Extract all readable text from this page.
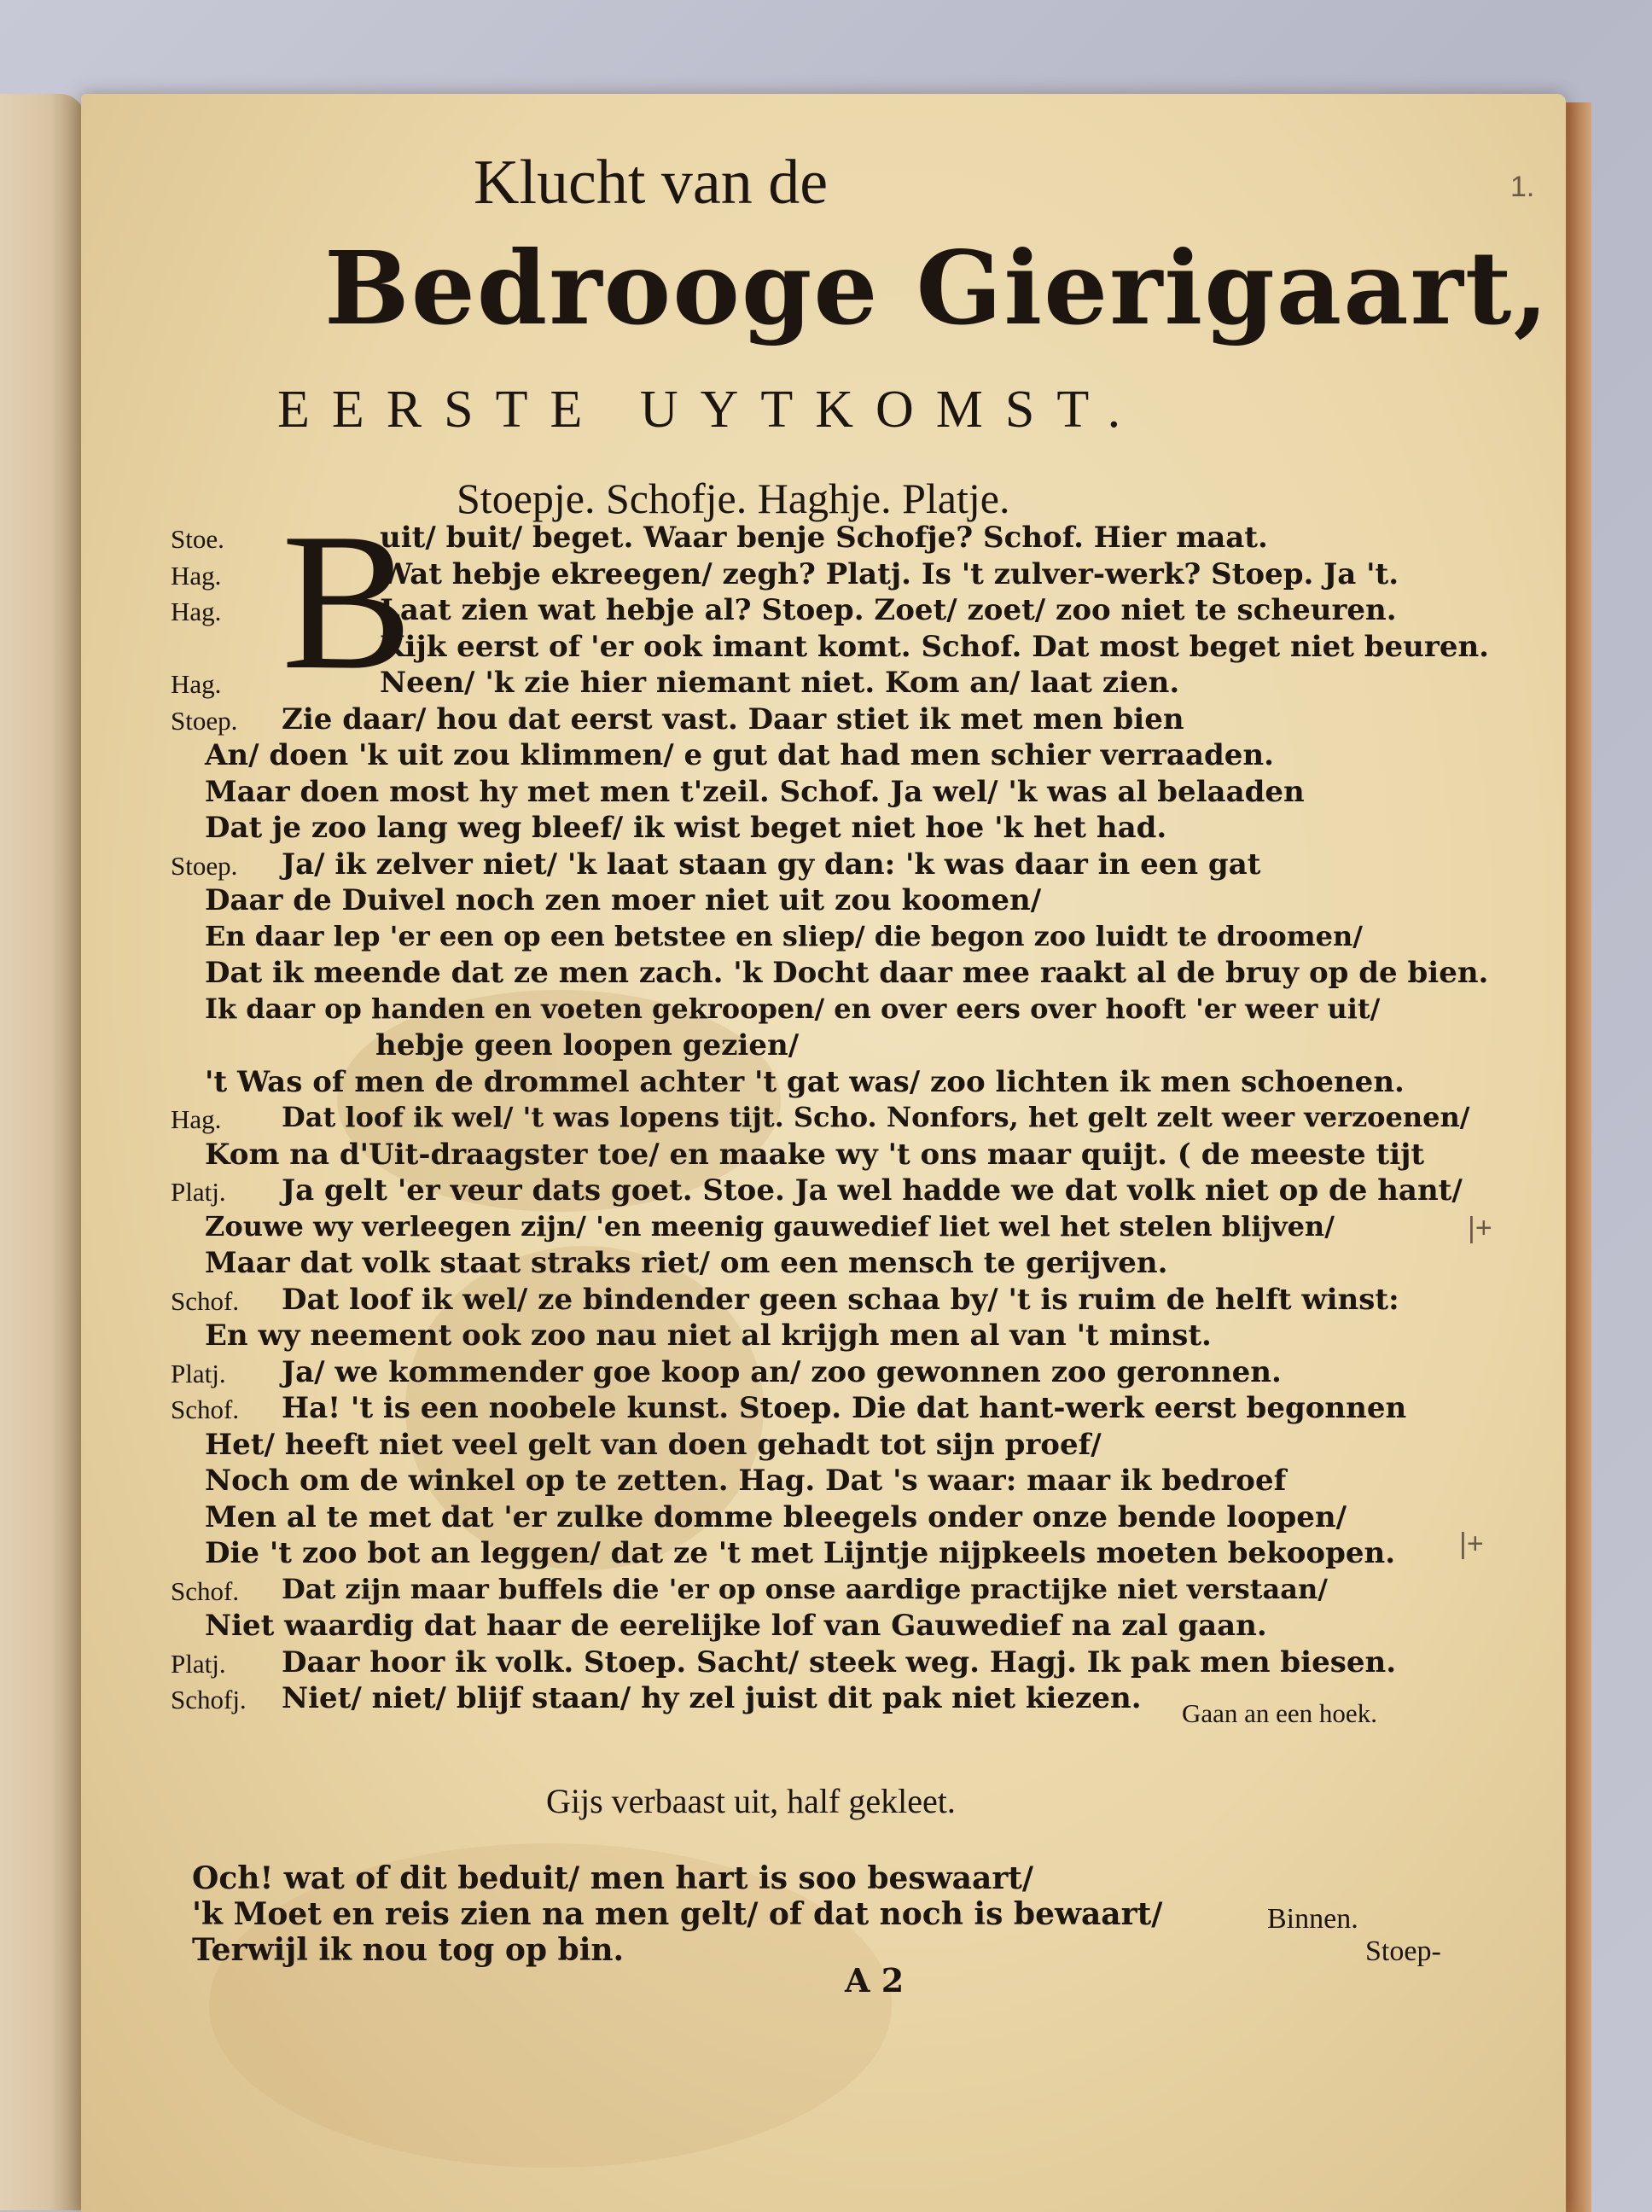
Klucht van de
Bedrooge Gierigaart,
EERSTE UYTKOMST.
Stoepje. Schofje. Haghje. Platje.
B
Stoe.	uit/ buit/ beget. Waar benje Schofje? Schof. Hier maat.
Hag.	Wat hebje ekreegen/ zegh? Platj. Is 't zulver-werk? Stoep. Ja 't.
Hag.	Laat zien wat hebje al? Stoep. Zoet/ zoet/ zoo niet te scheuren.
Kijk eerst of 'er ook imant komt. Schof. Dat most beget niet beuren.
Hag.	Neen/ 'k zie hier niemant niet. Kom an/ laat zien.
Stoep. Zie daar/ hou dat eerst vast. Daar stiet ik met men bien
An/ doen 'k uit zou klimmen/ e gut dat had men schier verraaden.
Maar doen most hy met men t'zeil. Schof. Ja wel/ 'k was al belaaden
Dat je zoo lang weg bleef/ ik wist beget niet hoe 'k het had.
Stoep. Ja/ ik zelver niet/ 'k laat staan gy dan: 'k was daar in een gat
Daar de Duivel noch zen moer niet uit zou koomen/
En daar lep 'er een op een betstee en sliep/ die begon zoo luidt te droomen/
Dat ik meende dat ze men zach. 'k Docht daar mee raakt al de bruy op de bien.
Ik daar op handen en voeten gekroopen/ en over eers over hooft 'er weer uit/
hebje geen loopen gezien/
't Was of men de drommel achter 't gat was/ zoo lichten ik men schoenen.
Hag. Dat loof ik wel/ 't was lopens tijt. Scho. Nonfors, het gelt zelt weer verzoenen/
Kom na d'Uit-draagster toe/ en maake wy 't ons maar quijt. ( de meeste tijt
Platj. Ja gelt 'er veur dats goet. Stoe. Ja wel hadde we dat volk niet op de hant/
Zouwe wy verleegen zijn/ 'en meenig gauwedief liet wel het stelen blijven/
Maar dat volk staat straks riet/ om een mensch te gerijven.
Schof. Dat loof ik wel/ ze bindender geen schaa by/ 't is ruim de helft winst:
En wy neement ook zoo nau niet al krijgh men al van 't minst.
Platj. Ja/ we kommender goe koop an/ zoo gewonnen zoo geronnen.
Schof. Ha! 't is een noobele kunst. Stoep. Die dat hant-werk eerst begonnen
Het/ heeft niet veel gelt van doen gehadt tot sijn proef/
Noch om de winkel op te zetten. Hag. Dat 's waar: maar ik bedroef
Men al te met dat 'er zulke domme bleegels onder onze bende loopen/
Die 't zoo bot an leggen/ dat ze 't met Lijntje nijpkeels moeten bekoopen.
Schof. Dat zijn maar buffels die 'er op onse aardige practijke niet verstaan/
Niet waardig dat haar de eerelijke lof van Gauwedief na zal gaan.
Platj. Daar hoor ik volk. Stoep. Sacht/ steek weg. Hagj. Ik pak men biesen.
Schofj. Niet/ niet/ blijf staan/ hy zel juist dit pak niet kiezen. Gaan an een hoek.
Gijs verbaast uit, half gekleet.
Och! wat of dit beduit/ men hart is soo beswaart/
'k Moet en reis zien na men gelt/ of dat noch is bewaart/
Terwijl ik nou tog op bin.
Binnen.
A 2
Stoep-
1.
|+
|+
